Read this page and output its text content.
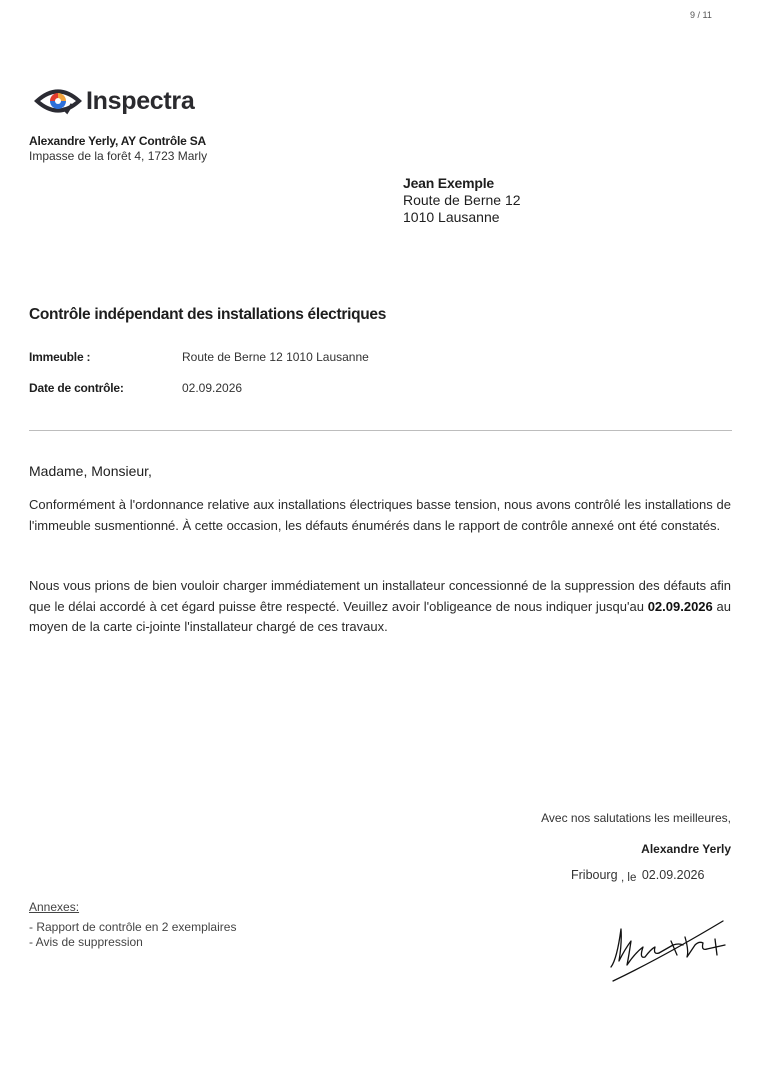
9 / 11
Inspectra
Alexandre Yerly, AY Contrôle SA
Impasse de la forêt 4, 1723 Marly
Jean Exemple
Route de Berne 12
1010 Lausanne
Contrôle indépendant des installations électriques
Immeuble :	Route de Berne 12 1010 Lausanne
Date de contrôle:	02.09.2026
Madame, Monsieur,
Conformément à l'ordonnance relative aux installations électriques basse tension, nous avons contrôlé les installations de l'immeuble susmentionné. À cette occasion, les défauts énumérés dans le rapport de contrôle annexé ont été constatés.
Nous vous prions de bien vouloir charger immédiatement un installateur concessionné de la suppression des défauts afin que le délai accordé à cet égard puisse être respecté. Veuillez avoir l'obligeance de nous indiquer jusqu'au 02.09.2026 au moyen de la carte ci-jointe l'installateur chargé de ces travaux.
Avec nos salutations les meilleures,
Alexandre Yerly
Fribourg , le 02.09.2026
Annexes:
- Rapport de contrôle en 2 exemplaires
- Avis de suppression
